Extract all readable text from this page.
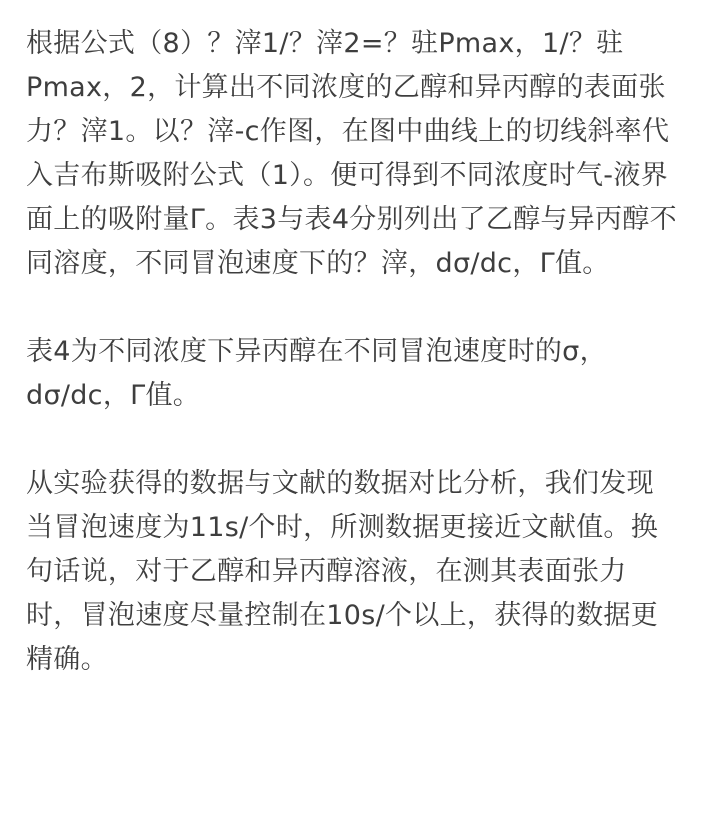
根据公式（8）？滓1/？滓2=？驻Pmax，1/？驻Pmax，2，计算出不同浓度的乙醇和异丙醇的表面张力？滓1。以？滓-c作图，在图中曲线上的切线斜率代入吉布斯吸附公式（1）。便可得到不同浓度时气-液界面上的吸附量Γ。表3与表4分别列出了乙醇与异丙醇不同溶度，不同冒泡速度下的？滓，dσ/dc，Γ值。

表4为不同浓度下异丙醇在不同冒泡速度时的σ，dσ/dc，Γ值。

从实验获得的数据与文献的数据对比分析，我们发现当冒泡速度为11s/个时，所测数据更接近文献值。换句话说，对于乙醇和异丙醇溶液，在测其表面张力时，冒泡速度尽量控制在10s/个以上，获得的数据更精确。
